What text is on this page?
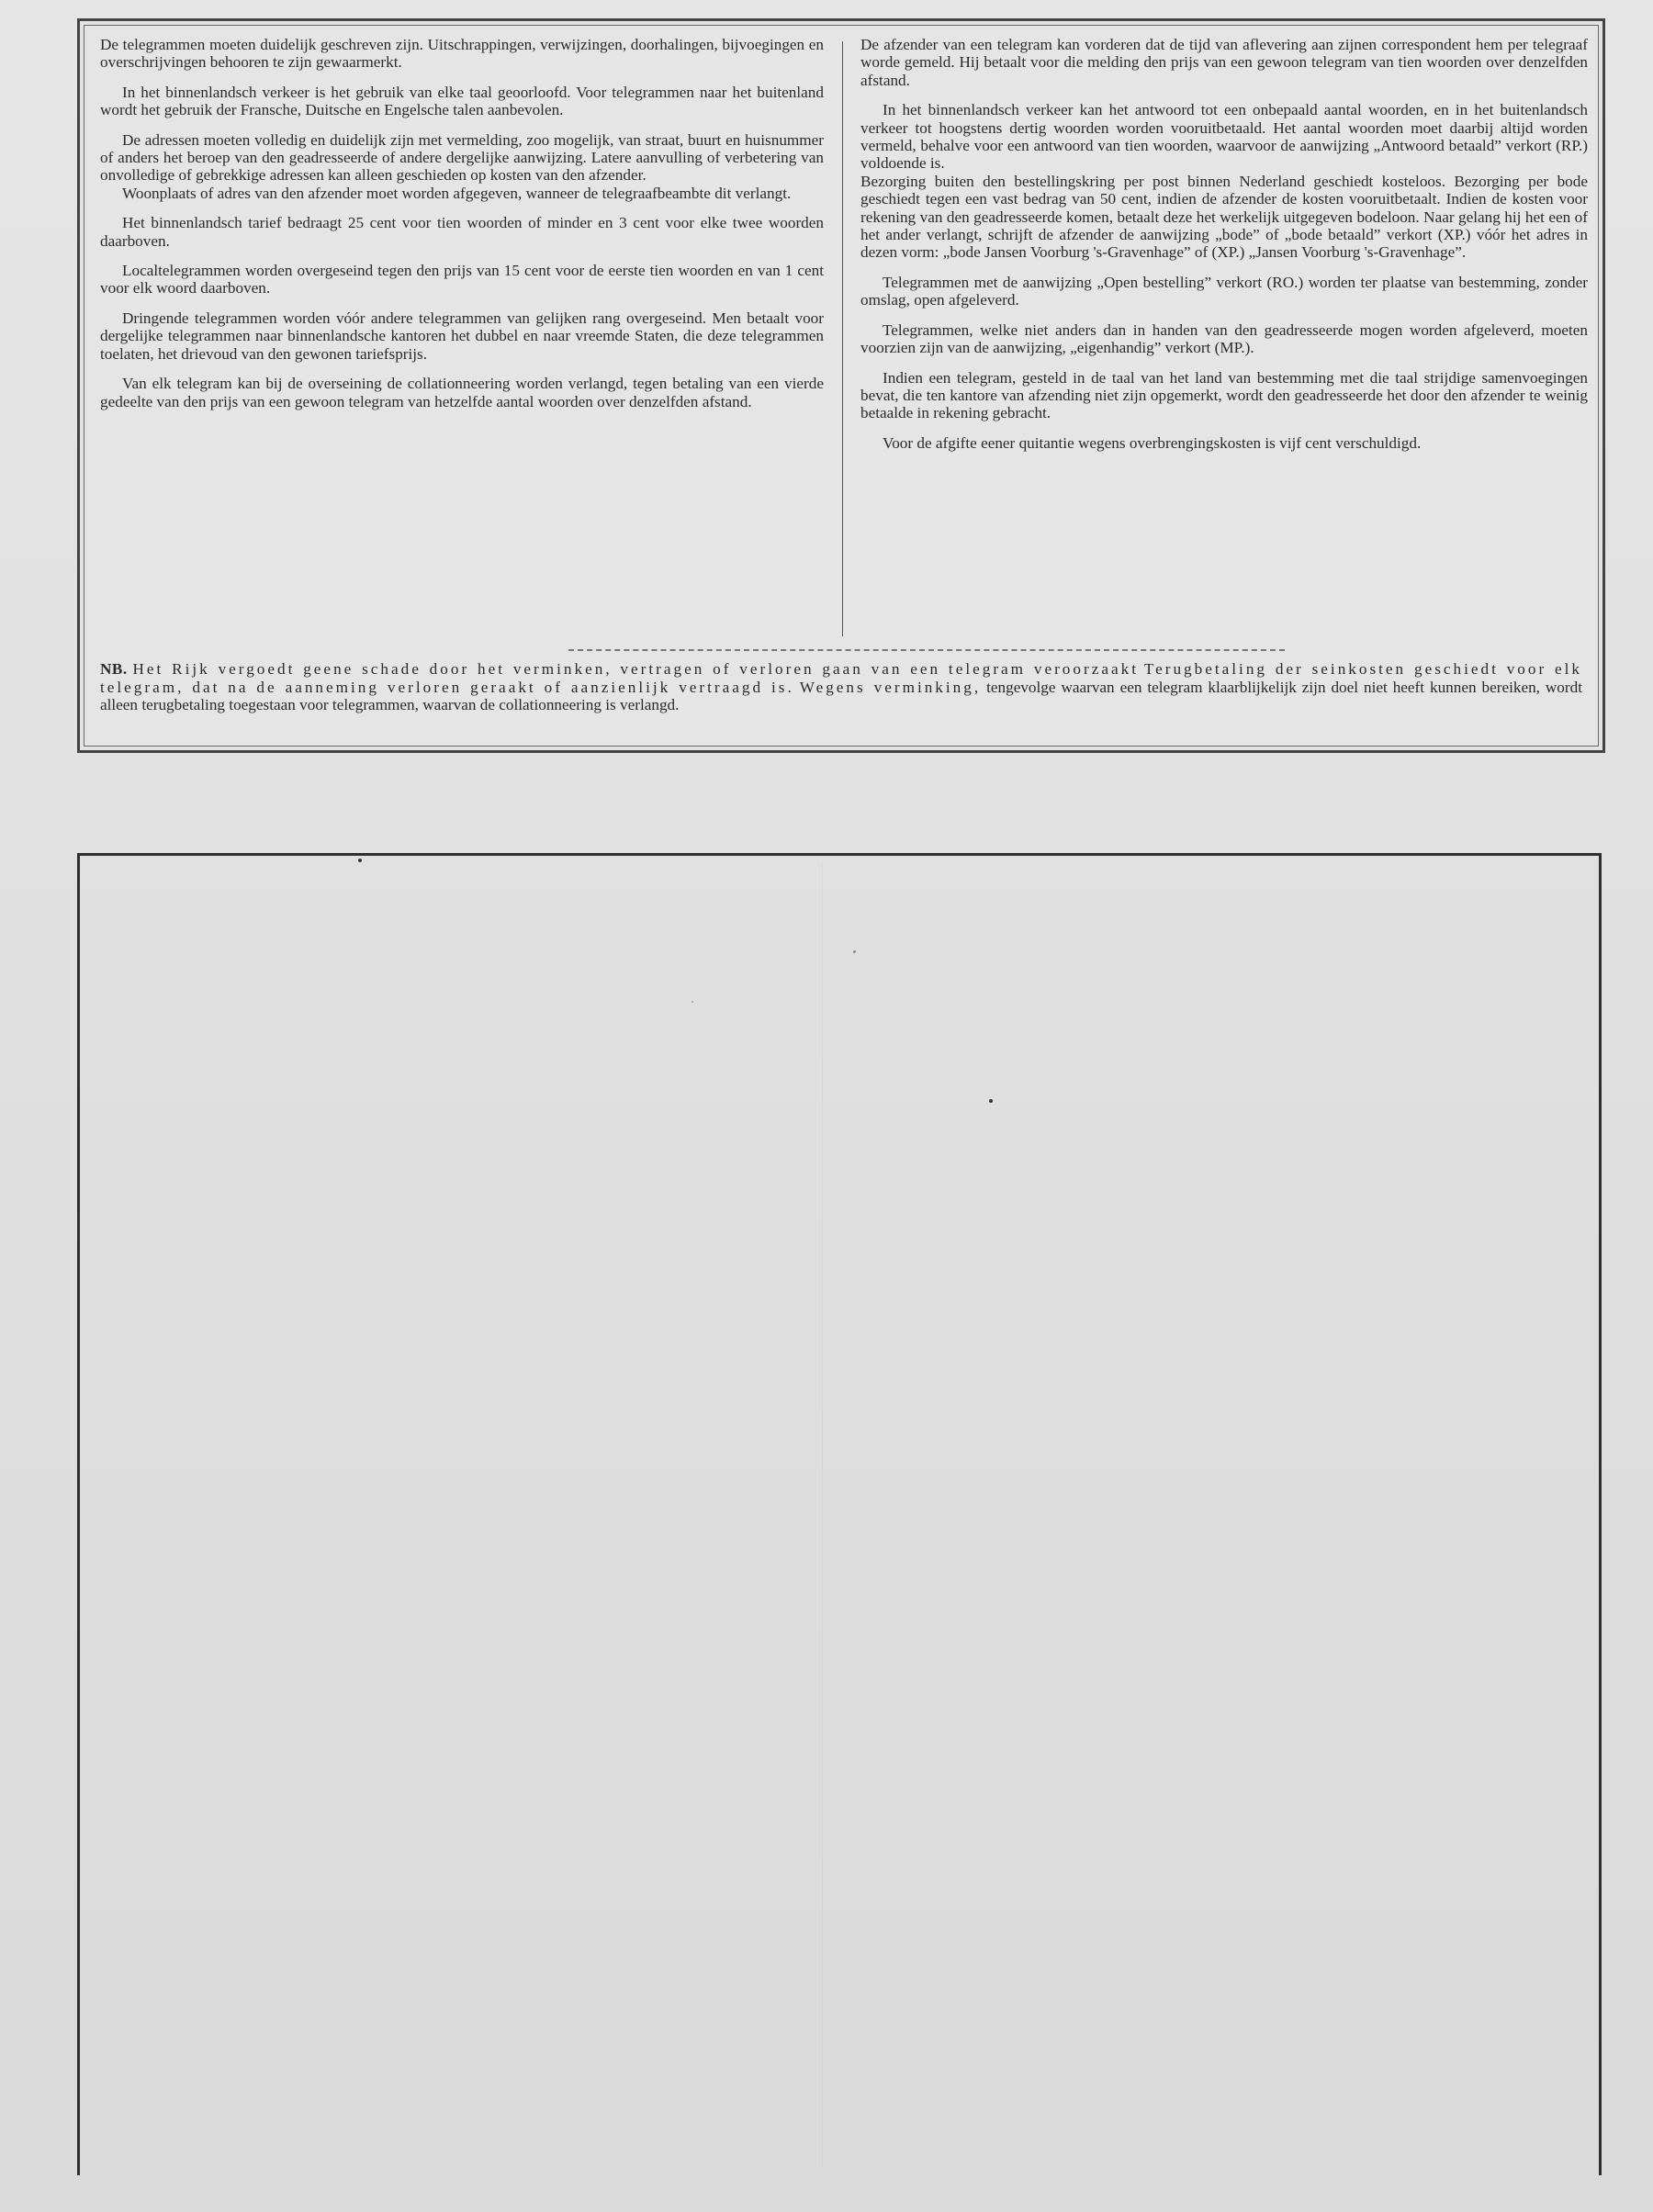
De telegrammen moeten duidelijk geschreven zijn. Uitschrappingen, verwijzingen, doorhalingen, bijvoegingen en overschrijvingen behooren te zijn gewaarmerkt.

In het binnenlandsch verkeer is het gebruik van elke taal geoorloofd. Voor telegrammen naar het buitenland wordt het gebruik der Fransche, Duitsche en Engelsche talen aanbevolen.

De adressen moeten volledig en duidelijk zijn met vermelding, zoo mogelijk, van straat, buurt en huisnummer of anders het beroep van den geadresseerde of andere dergelijke aanwijzing. Latere aanvulling of verbetering van onvolledige of gebrekkige adressen kan alleen geschieden op kosten van den afzender.

Woonplaats of adres van den afzender moet worden afgegeven, wanneer de telegraafbeambte dit verlangt.

Het binnenlandsch tarief bedraagt 25 cent voor tien woorden of minder en 3 cent voor elke twee woorden daarboven.

Localtelegrammen worden overgeseind tegen den prijs van 15 cent voor de eerste tien woorden en van 1 cent voor elk woord daarboven.

Dringende telegrammen worden vóór andere telegrammen van gelijken rang overgeseind. Men betaalt voor dergelijke telegrammen naar binnenlandsche kantoren het dubbel en naar vreemde Staten, die deze telegrammen toelaten, het drievoud van den gewonen tariefsprijs.

Van elk telegram kan bij de overseining de collationneering worden verlangd, tegen betaling van een vierde gedeelte van den prijs van een gewoon telegram van hetzelfde aantal woorden over denzelfden afstand.

De afzender van een telegram kan vorderen dat de tijd van aflevering aan zijnen correspondent hem per telegraaf worde gemeld. Hij betaalt voor die melding den prijs van een gewoon telegram van tien woorden over denzelfden afstand.

In het binnenlandsch verkeer kan het antwoord tot een onbepaald aantal woorden, en in het buitenlandsch verkeer tot hoogstens dertig woorden worden vooruitbetaald. Het aantal woorden moet daarbij altijd worden vermeld, behalve voor een antwoord van tien woorden, waarvoor de aanwijzing „Antwoord betaald” verkort (RP.) voldoende is.

Bezorging buiten den bestellingskring per post binnen Nederland geschiedt kosteloos. Bezorging per bode geschiedt tegen een vast bedrag van 50 cent, indien de afzender de kosten vooruitbetaalt. Indien de kosten voor rekening van den geadresseerde komen, betaalt deze het werkelijk uitgegeven bodeloon. Naar gelang hij het een of het ander verlangt, schrijft de afzender de aanwijzing „bode” of „bode betaald” verkort (XP.) vóór het adres in dezen vorm: „bode Jansen Voorburg 's-Gravenhage” of (XP.) „Jansen Voorburg 's-Gravenhage”.

Telegrammen met de aanwijzing „Open bestelling” verkort (RO.) worden ter plaatse van bestemming, zonder omslag, open afgeleverd.

Telegrammen, welke niet anders dan in handen van den geadresseerde mogen worden afgeleverd, moeten voorzien zijn van de aanwijzing, „eigenhandig” verkort (MP.).

Indien een telegram, gesteld in de taal van het land van bestemming met die taal strijdige samenvoegingen bevat, die ten kantore van afzending niet zijn opgemerkt, wordt den geadresseerde het door den afzender te weinig betaalde in rekening gebracht.

Voor de afgifte eener quitantie wegens overbrengingskosten is vijf cent verschuldigd.

NB. Het Rijk vergoedt geene schade door het verminken, vertragen of verloren gaan van een telegram veroorzaakt Terugbetaling der seinkosten geschiedt voor elk telegram, dat na de aanneming verloren geraakt of aanzienlijk vertraagd is. Wegens verminking, tengevolge waarvan een telegram klaarblijkelijk zijn doel niet heeft kunnen bereiken, wordt alleen terugbetaling toegestaan voor telegrammen, waarvan de collationneering is verlangd.
